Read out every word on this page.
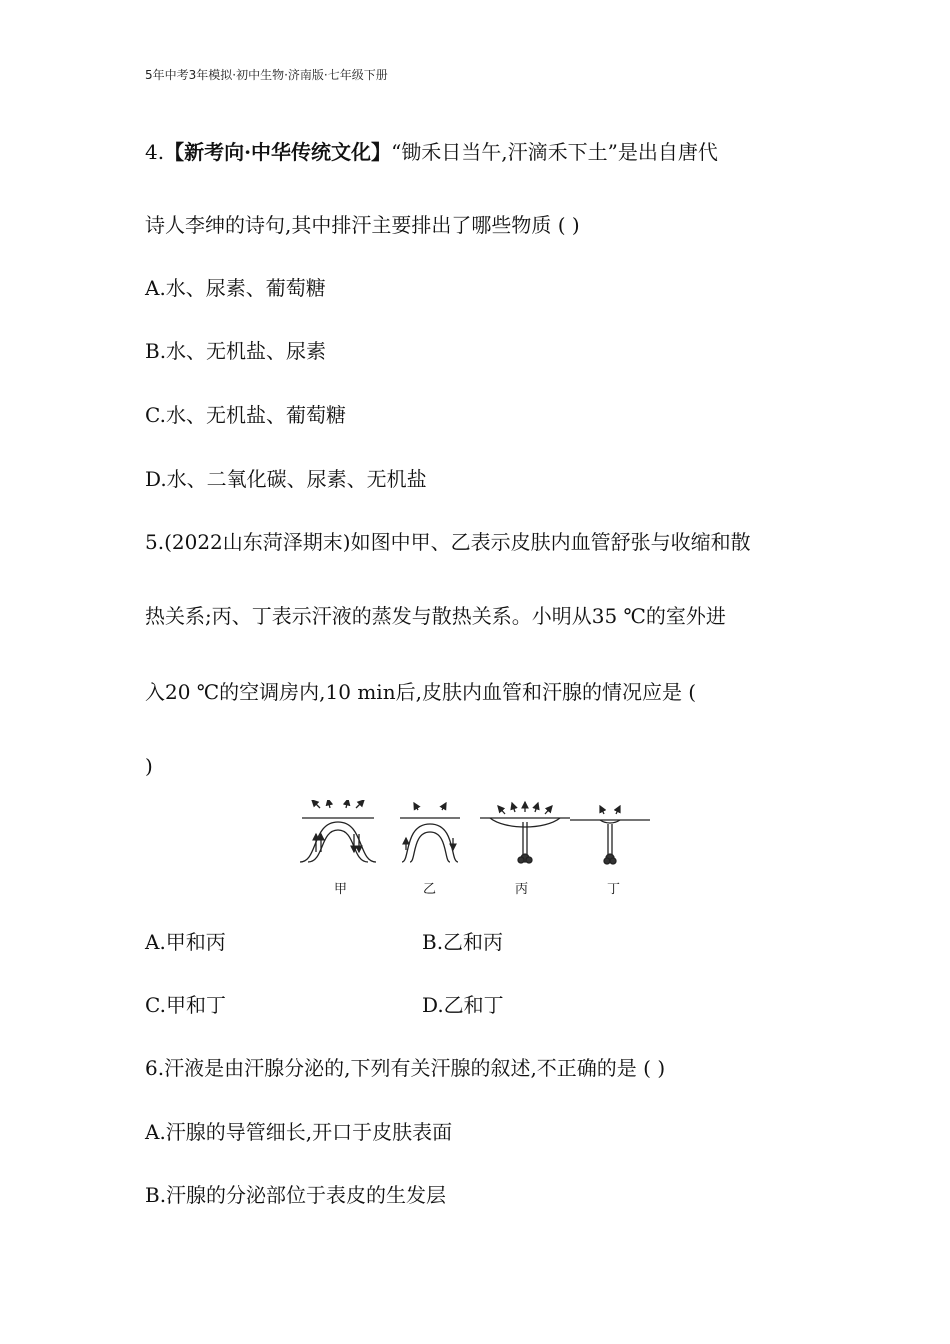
5年中考3年模拟·初中生物·济南版·七年级下册
4.【新考向·中华传统文化】“锄禾日当午,汗滴禾下土”是出自唐代
诗人李绅的诗句,其中排汗主要排出了哪些物质 ( )
A.水、尿素、葡萄糖
B.水、无机盐、尿素
C.水、无机盐、葡萄糖
D.水、二氧化碳、尿素、无机盐
5.(2022山东菏泽期末)如图中甲、乙表示皮肤内血管舒张与收缩和散
热关系;丙、丁表示汗液的蒸发与散热关系。小明从35 ℃的室外进
入20 ℃的空调房内,10 min后,皮肤内血管和汗腺的情况应是 (
)
甲	乙	丙	丁
A.甲和丙	B.乙和丙
C.甲和丁	D.乙和丁
6.汗液是由汗腺分泌的,下列有关汗腺的叙述,不正确的是 ( )
A.汗腺的导管细长,开口于皮肤表面
B.汗腺的分泌部位于表皮的生发层
